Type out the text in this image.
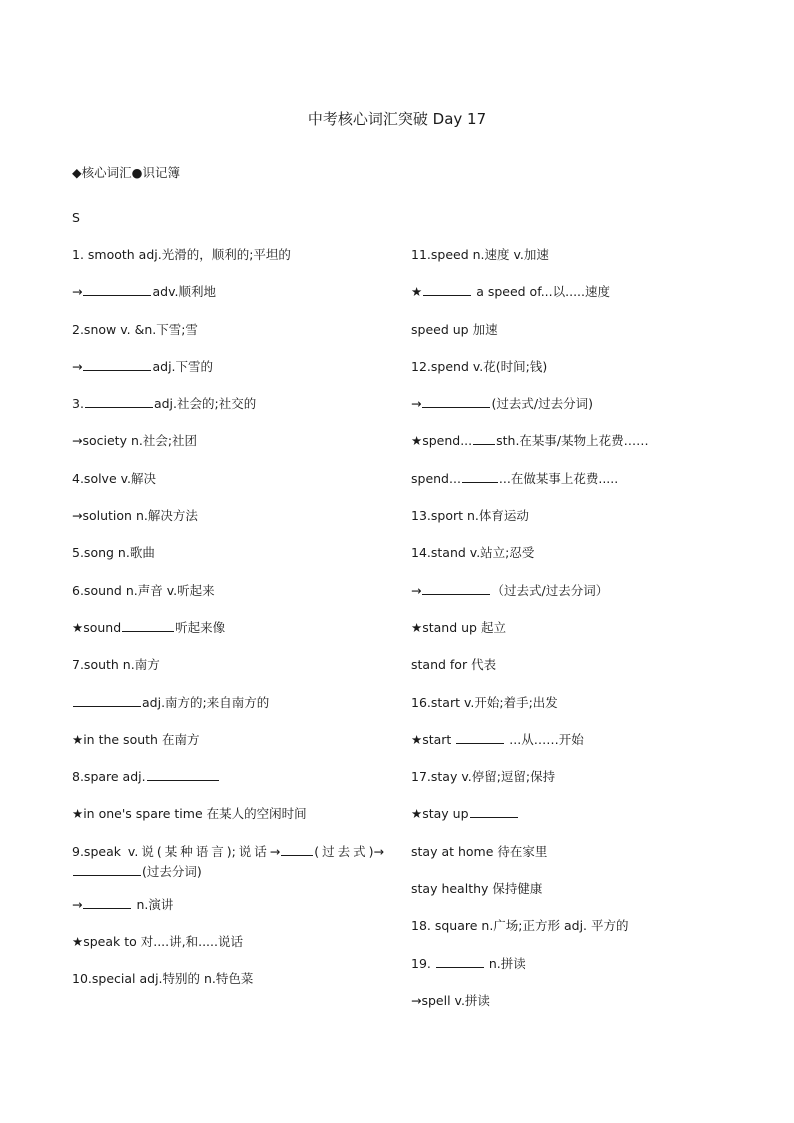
中考核心词汇突破 Day 17
◆核心词汇●识记簿
S
1. smooth adj.光滑的，顺利的;平坦的
→	adv.顺利地
2.snow v. &n.下雪;雪
→	adj.下雪的
3.	adj.社会的;社交的
→society n.社会;社团
4.solve v.解决
→solution n.解决方法
5.song n.歌曲
6.sound n.声音 v.听起来
★sound	听起来像
7.south n.南方
adj.南方的;来自南方的
★in the south 在南方
8.spare adj.
★in one's spare time 在某人的空闲时间
9.speak v.说(某种语言);说话→	(过去式)→(过去分词)
→	n.演讲
★speak to 对....讲,和.....说话
10.special adj.特别的 n.特色菜
11.speed n.速度 v.加速
★	a speed of...以.....速度
speed up 加速
12.spend v.花(时间;钱)
→	(过去式/过去分词)
★spend... sth.在某事/某物上花费……
spend...	...在做某事上花费.....
13.sport n.体育运动
14.stand v.站立;忍受
→	（过去式/过去分词）
★stand up 起立
stand for 代表
16.start v.开始;着手;出发
★start	...从……开始
17.stay v.停留;逗留;保持
★stay up
stay at home 待在家里
stay healthy 保持健康
18. square n.广场;正方形 adj. 平方的
19.	n.拼读
→spell v.拼读
